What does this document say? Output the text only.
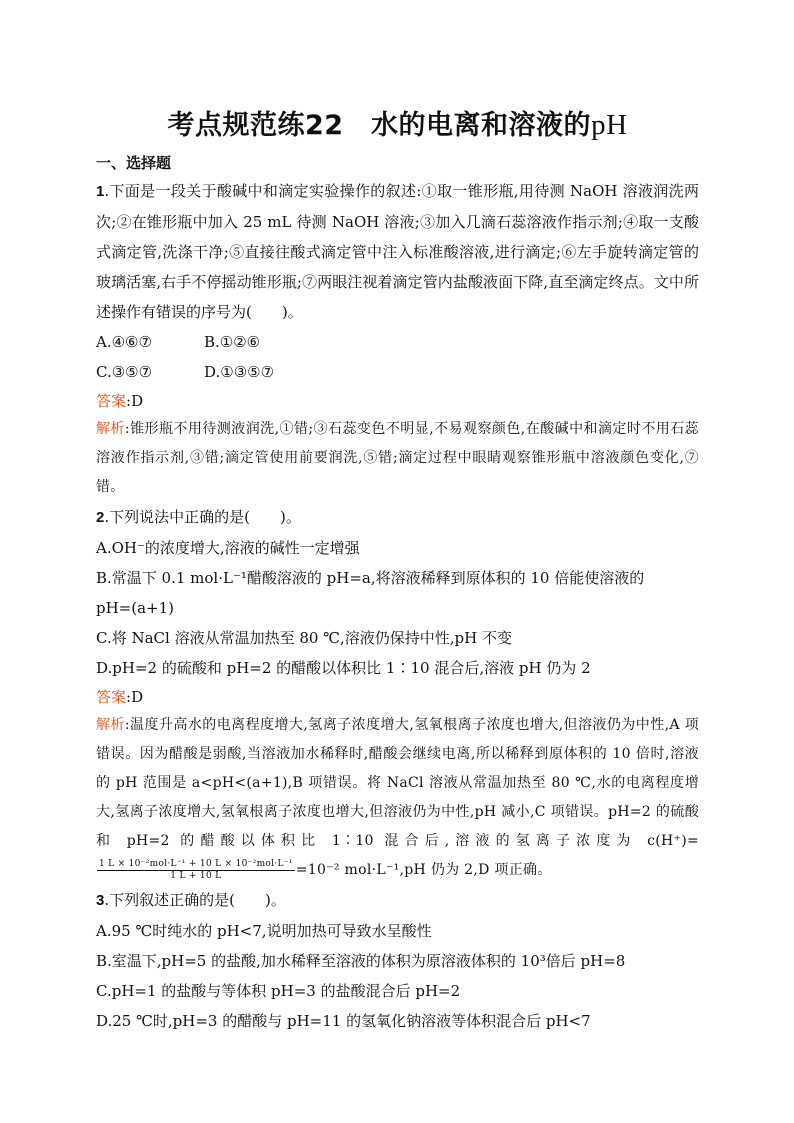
考点规范练22　水的电离和溶液的pH
一、选择题

1.下面是一段关于酸碱中和滴定实验操作的叙述:①取一锥形瓶,用待测 NaOH 溶液润洗两次;②在锥形瓶中加入 25 mL 待测 NaOH 溶液;③加入几滴石蕊溶液作指示剂;④取一支酸式滴定管,洗涤干净;⑤直接往酸式滴定管中注入标准酸溶液,进行滴定;⑥左手旋转滴定管的玻璃活塞,右手不停摇动锥形瓶;⑦两眼注视着滴定管内盐酸液面下降,直至滴定终点。文中所述操作有错误的序号为(　　)。

A.④⑥⑦	B.①②⑥
C.③⑤⑦	D.①③⑤⑦
答案:D
解析:锥形瓶不用待测液润洗,①错;③石蕊变色不明显,不易观察颜色,在酸碱中和滴定时不用石蕊溶液作指示剂,③错;滴定管使用前要润洗,⑤错;滴定过程中眼睛观察锥形瓶中溶液颜色变化,⑦错。

2.下列说法中正确的是(　　)。

A.OH⁻的浓度增大,溶液的碱性一定增强
B.常温下 0.1 mol·L⁻¹醋酸溶液的 pH=a,将溶液稀释到原体积的 10 倍能使溶液的
pH=(a+1)
C.将 NaCl 溶液从常温加热至 80 ℃,溶液仍保持中性,pH 不变
D.pH=2 的硫酸和 pH=2 的醋酸以体积比 1∶10 混合后,溶液 pH 仍为 2
答案:D
解析:温度升高水的电离程度增大,氢离子浓度增大,氢氧根离子浓度也增大,但溶液仍为中性,A 项错误。因为醋酸是弱酸,当溶液加水稀释时,醋酸会继续电离,所以稀释到原体积的 10 倍时,溶液的 pH 范围是 a<pH<(a+1),B 项错误。将 NaCl 溶液从常温加热至 80 ℃,水的电离程度增大,氢离子浓度增大,氢氧根离子浓度也增大,但溶液仍为中性,pH 减小,C 项错误。pH=2 的硫酸和 pH=2 的醋酸以体积比 1∶10 混合后,溶液的氢离子浓度为 c(H⁺)=
$\frac{\text{1 L × 10⁻²mol·L⁻¹ + 10 L × 10⁻²mol·L⁻¹}}{1 L + 10 L} =10^{-2}$ mol·L⁻¹,pH 仍为 2,D 项正确。

3.下列叙述正确的是(　　)。

A.95 ℃时纯水的 pH<7,说明加热可导致水呈酸性
B.室温下,pH=5 的盐酸,加水稀释至溶液的体积为原溶液体积的 10³倍后 pH=8
C.pH=1 的盐酸与等体积 pH=3 的盐酸混合后 pH=2
D.25 ℃时,pH=3 的醋酸与 pH=11 的氢氧化钠溶液等体积混合后 pH<7
